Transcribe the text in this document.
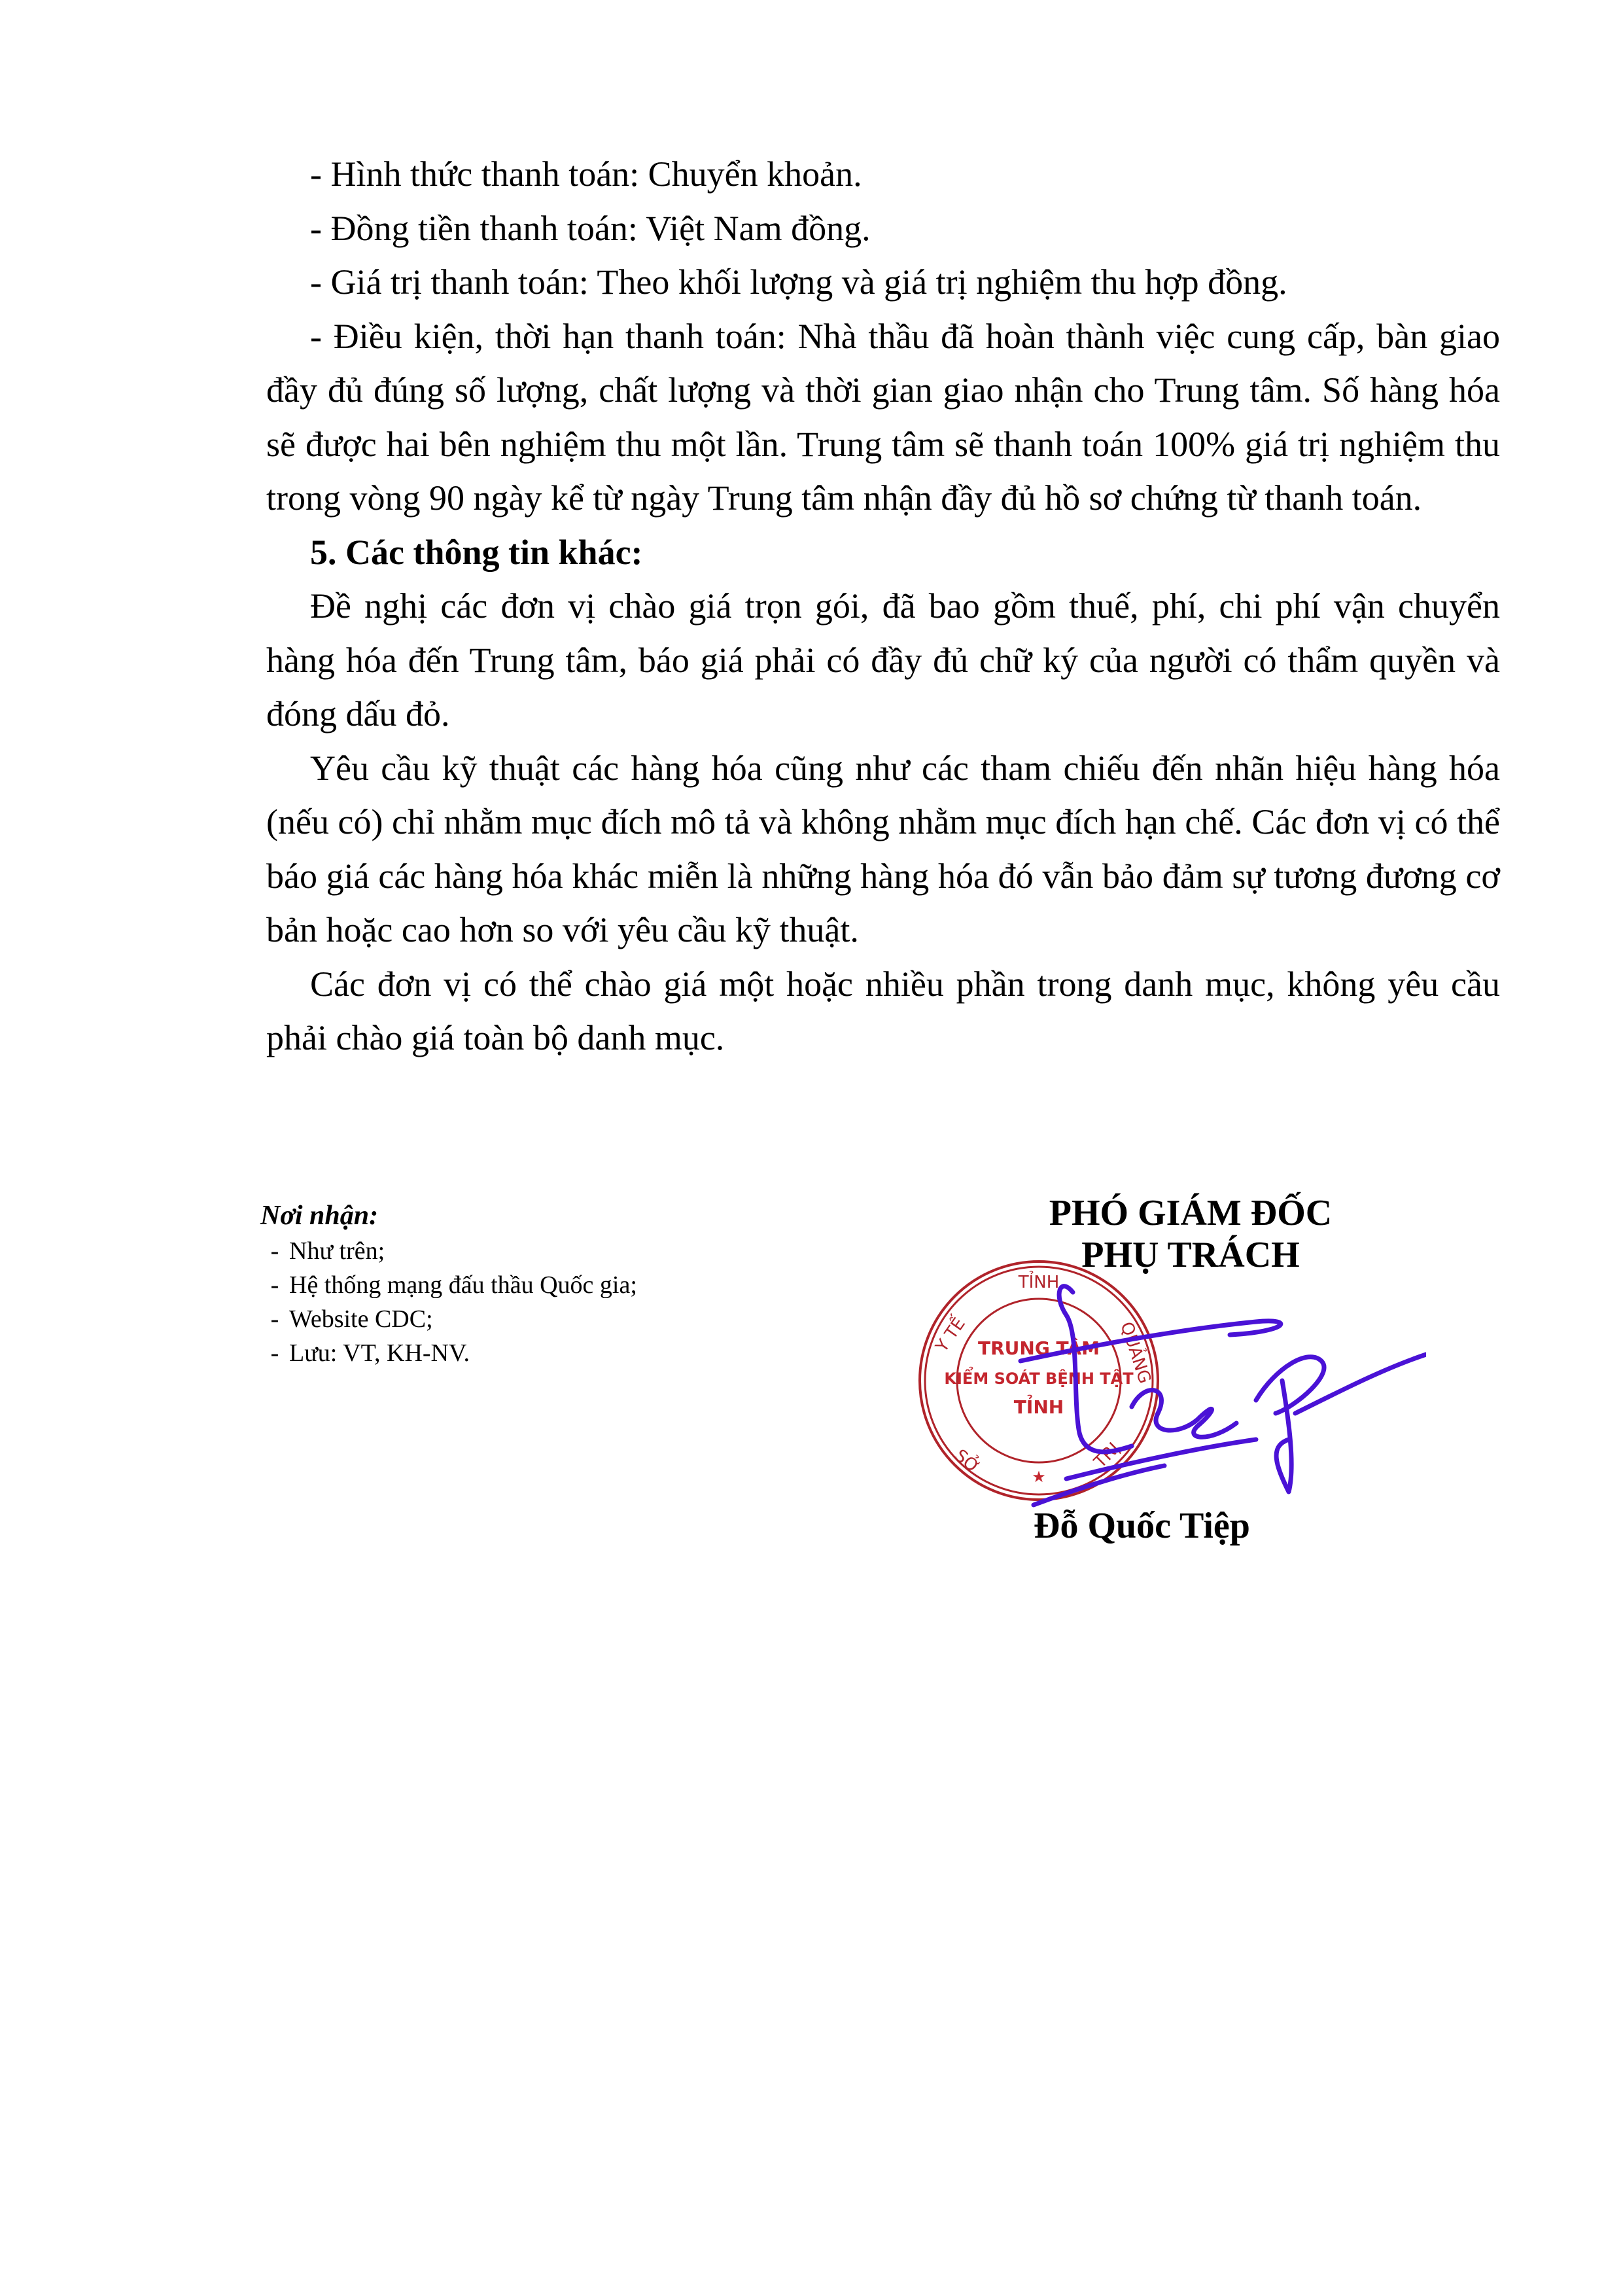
- Hình thức thanh toán: Chuyển khoản.

- Đồng tiền thanh toán: Việt Nam đồng.

- Giá trị thanh toán: Theo khối lượng và giá trị nghiệm thu hợp đồng.

- Điều kiện, thời hạn thanh toán: Nhà thầu đã hoàn thành việc cung cấp, bàn giao đầy đủ đúng số lượng, chất lượng và thời gian giao nhận cho Trung tâm. Số hàng hóa sẽ được hai bên nghiệm thu một lần. Trung tâm sẽ thanh toán 100% giá trị nghiệm thu trong vòng 90 ngày kể từ ngày Trung tâm nhận đầy đủ hồ sơ chứng từ thanh toán.

5. Các thông tin khác:

Đề nghị các đơn vị chào giá trọn gói, đã bao gồm thuế, phí, chi phí vận chuyển hàng hóa đến Trung tâm, báo giá phải có đầy đủ chữ ký của người có thẩm quyền và đóng dấu đỏ.

Yêu cầu kỹ thuật các hàng hóa cũng như các tham chiếu đến nhãn hiệu hàng hóa (nếu có) chỉ nhằm mục đích mô tả và không nhằm mục đích hạn chế. Các đơn vị có thể báo giá các hàng hóa khác miễn là những hàng hóa đó vẫn bảo đảm sự tương đương cơ bản hoặc cao hơn so với yêu cầu kỹ thuật.

Các đơn vị có thể chào giá một hoặc nhiều phần trong danh mục, không yêu cầu phải chào giá toàn bộ danh mục.

Nơi nhận:
- Như trên;
- Hệ thống mạng đấu thầu Quốc gia;
- Website CDC;
- Lưu: VT, KH-NV.
PHÓ GIÁM ĐỐC
PHỤ TRÁCH
TỈNH
Y TẾ
SỞ
QUẢNG
TRỊ
TRUNG TÂM
KIỂM SOÁT BỆNH TẬT
TỈNH
★
Đỗ Quốc Tiệp
